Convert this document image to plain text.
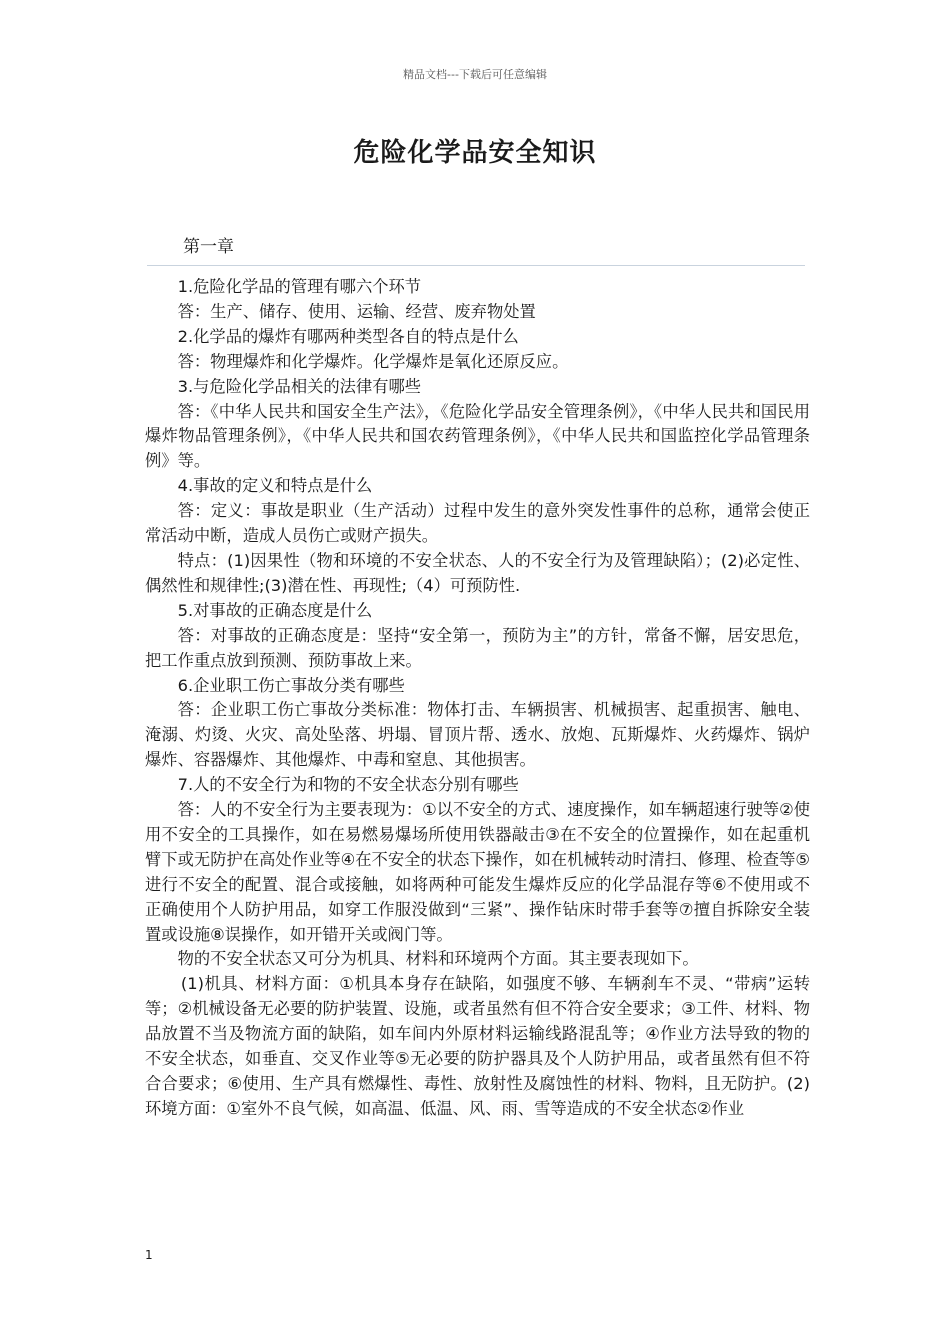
精品文档---下载后可任意编辑
危险化学品安全知识
第一章

1.危险化学品的管理有哪六个环节

答：生产、储存、使用、运输、经营、废弃物处置

2.化学品的爆炸有哪两种类型各自的特点是什么

答：物理爆炸和化学爆炸。化学爆炸是氧化还原反应。

3.与危险化学品相关的法律有哪些

答：《中华人民共和国安全生产法》，《危险化学品安全管理条例》，《中华人民共和国民用爆炸物品管理条例》，《中华人民共和国农药管理条例》，《中华人民共和国监控化学品管理条例》等。

4.事故的定义和特点是什么

答：定义：事故是职业（生产活动）过程中发生的意外突发性事件的总称，通常会使正常活动中断，造成人员伤亡或财产损失。

特点：(1)因果性（物和环境的不安全状态、人的不安全行为及管理缺陷）；(2)必定性、偶然性和规律性;(3)潜在性、再现性;（4）可预防性.

5.对事故的正确态度是什么

答：对事故的正确态度是：坚持“安全第一，预防为主”的方针，常备不懈，居安思危，把工作重点放到预测、预防事故上来。

6.企业职工伤亡事故分类有哪些

答：企业职工伤亡事故分类标准：物体打击、车辆损害、机械损害、起重损害、触电、淹溺、灼烫、火灾、高处坠落、坍塌、冒顶片帮、透水、放炮、瓦斯爆炸、火药爆炸、锅炉爆炸、容器爆炸、其他爆炸、中毒和窒息、其他损害。

7.人的不安全行为和物的不安全状态分别有哪些

答：人的不安全行为主要表现为：①以不安全的方式、速度操作，如车辆超速行驶等②使用不安全的工具操作，如在易燃易爆场所使用铁器敲击③在不安全的位置操作，如在起重机臂下或无防护在高处作业等④在不安全的状态下操作，如在机械转动时清扫、修理、检查等⑤进行不安全的配置、混合或接触，如将两种可能发生爆炸反应的化学品混存等⑥不使用或不正确使用个人防护用品，如穿工作服没做到“三紧”、操作钻床时带手套等⑦擅自拆除安全装置或设施⑧误操作，如开错开关或阀门等。

物的不安全状态又可分为机具、材料和环境两个方面。其主要表现如下。

(1)机具、材料方面：①机具本身存在缺陷，如强度不够、车辆刹车不灵、“带病”运转等；②机械设备无必要的防护装置、设施，或者虽然有但不符合安全要求；③工件、材料、物品放置不当及物流方面的缺陷，如车间内外原材料运输线路混乱等；④作业方法导致的物的不安全状态，如垂直、交叉作业等⑤无必要的防护器具及个人防护用品，或者虽然有但不符合合要求；⑥使用、生产具有燃爆性、毒性、放射性及腐蚀性的材料、物料，且无防护。(2)环境方面：①室外不良气候，如高温、低温、风、雨、雪等造成的不安全状态②作业

1
